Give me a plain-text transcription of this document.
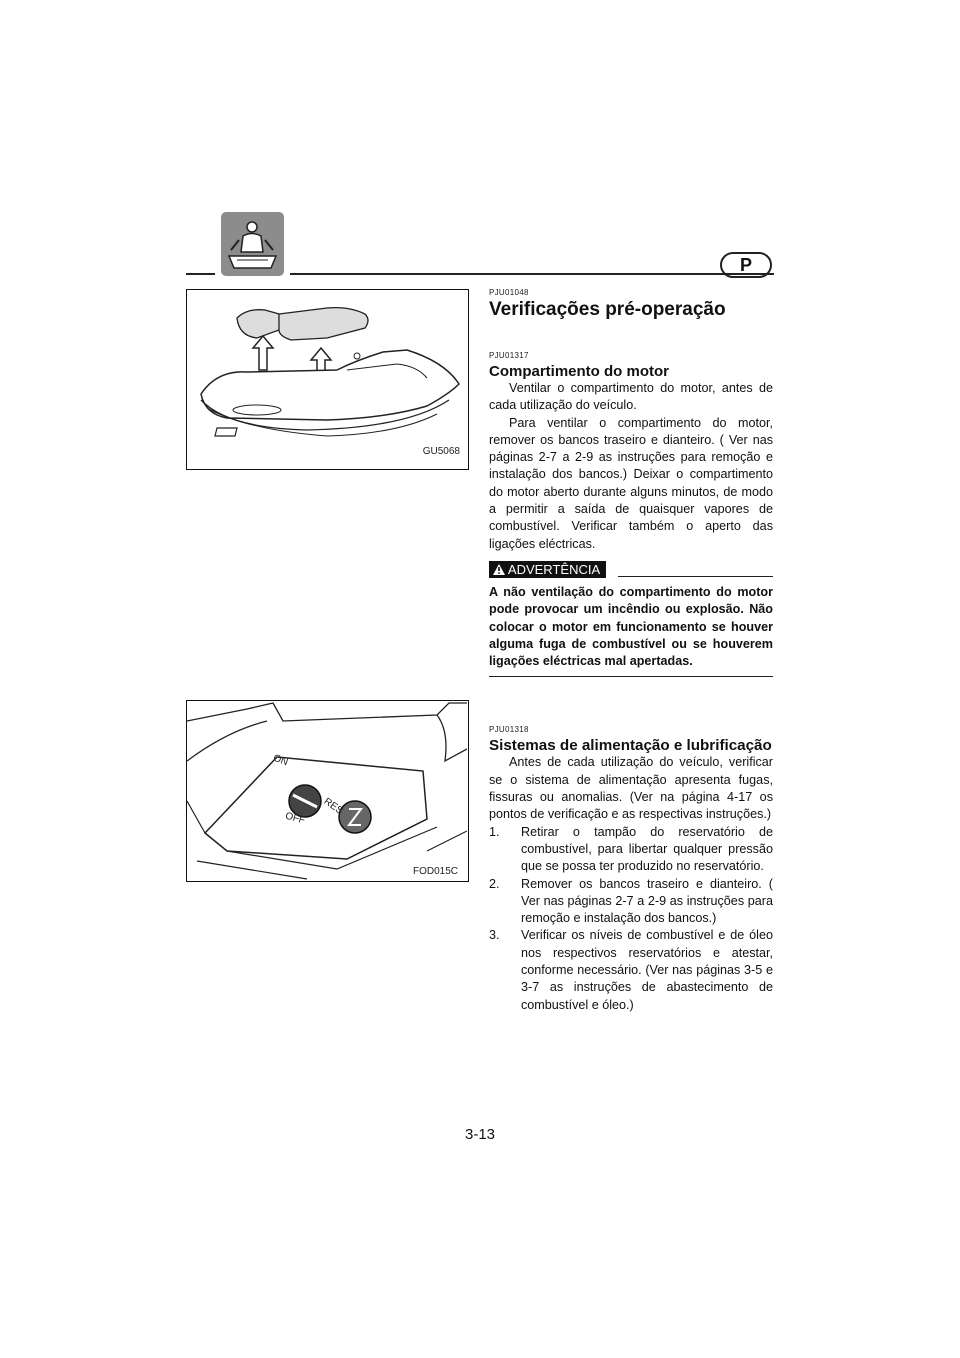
P
GU5068
ON
RES
OFF
FOD015C
PJU01048
Verificações pré-operação
PJU01317
Compartimento do motor
Ventilar o compartimento do motor, antes de cada utilização do veículo.
Para ventilar o compartimento do motor, remover os bancos traseiro e dianteiro. ( Ver nas páginas 2-7 a 2-9 as instruções para remoção e instalação dos bancos.) Deixar o compartimento do motor aberto durante alguns minutos, de modo a permitir a saída de quaisquer vapores de combustível. Verificar também o aperto das ligações eléctricas.
ADVERTÊNCIA
A não ventilação do compartimento do motor pode provocar um incêndio ou explosão. Não colocar o motor em funcionamento se houver alguma fuga de combustível ou se houverem ligações eléctricas mal apertadas.
PJU01318
Sistemas de alimentação e lubrificação
Antes de cada utilização do veículo, verificar se o sistema de alimentação apresenta fugas, fissuras ou anomalias. (Ver na página 4-17 os pontos de verificação e as respectivas instruções.)
1. Retirar o tampão do reservatório de combustível, para libertar qualquer pressão que se possa ter produzido no reservatório.
2. Remover os bancos traseiro e dianteiro. ( Ver nas páginas 2-7 a 2-9 as instruções para remoção e instalação dos bancos.)
3. Verificar os níveis de combustível e de óleo nos respectivos reservatórios e atestar, conforme necessário. (Ver nas páginas 3-5 e 3-7 as instruções de abastecimento de combustível e óleo.)
3-13
